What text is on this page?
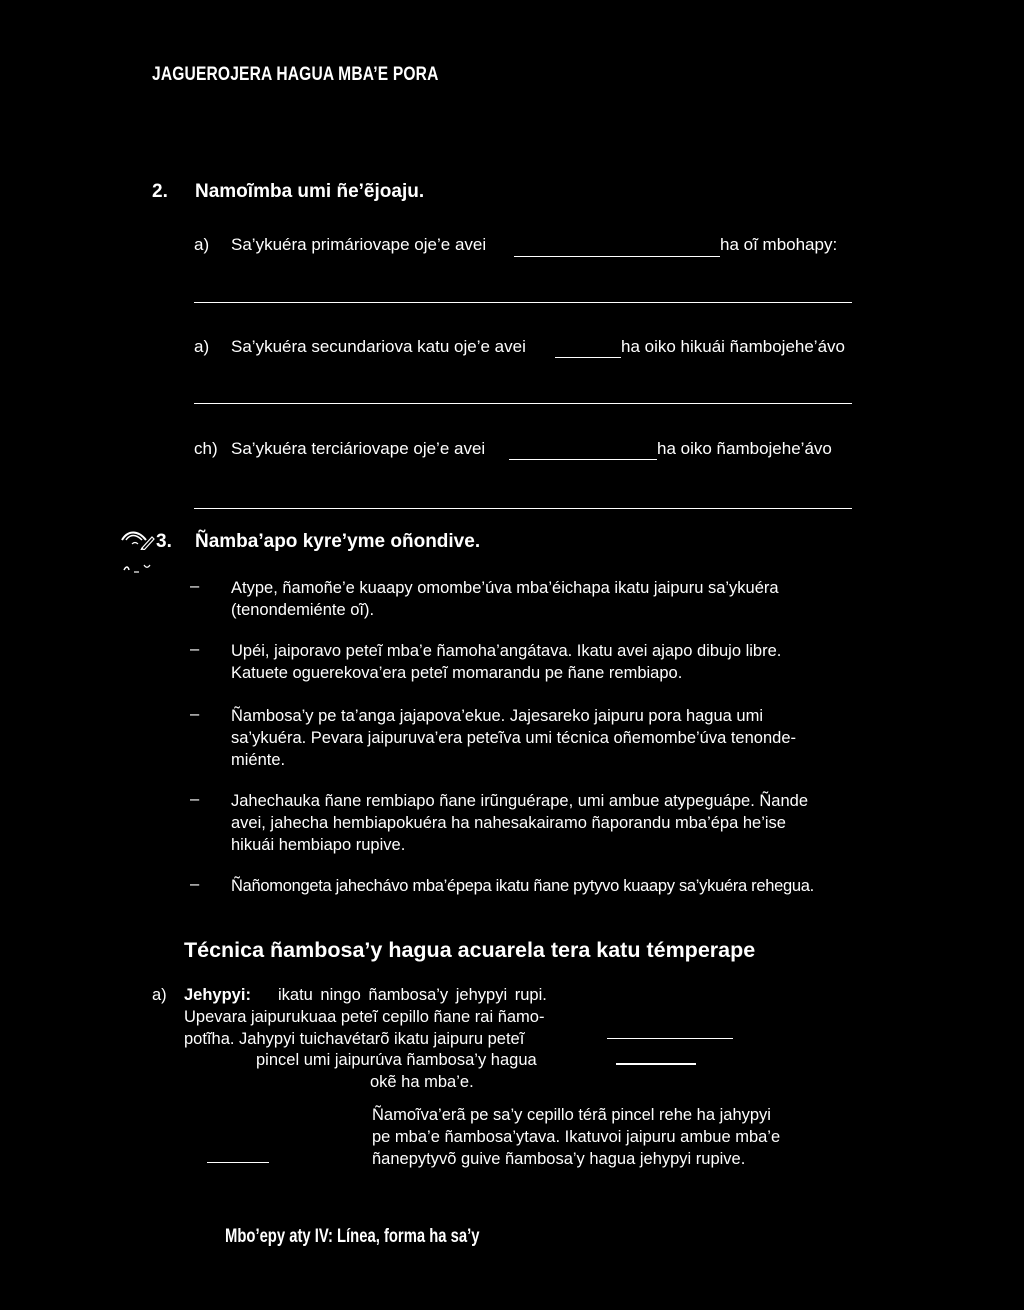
JAGUEROJERA HAGUA MBA’E PORA
2. Namoĩmba umi ñe’ẽjoaju.
a) Sa’ykuéra primáriovape oje’e avei	ha oĩ mbohapy:
a) Sa’ykuéra secundariova katu oje’e avei	ha oiko hikuái ñambojehe’ávo
ch) Sa’ykuéra terciáriovape oje’e avei	ha oiko ñambojehe’ávo
3. Ñamba’apo kyre’yme oñondive.
– Atype, ñamoñe’e kuaapy omombe’úva mba’éichapa ikatu jaipuru sa’ykuéra
(tenondemiénte oĩ).
– Upéi, jaiporavo peteĩ mba’e ñamoha’angátava. Ikatu avei ajapo dibujo libre.
Katuete oguerekova’era peteĩ momarandu pe ñane rembiapo.
– Ñambosa’y pe ta’anga jajapova’ekue. Jajesareko jaipuru pora hagua umi
sa’ykuéra. Pevara jaipuruva’era peteĩva umi técnica oñemombe’úva tenonde-
miénte.
– Jahechauka ñane rembiapo ñane irũnguérape, umi ambue atypeguápe. Ñande
avei, jahecha hembiapokuéra ha nahesakairamo ñaporandu mba’épa he’ise
hikuái hembiapo rupive.
– Ñañomongeta jahechávo mba’épepa ikatu ñane pytyvo kuaapy sa’ykuéra rehegua.
Técnica ñambosa’y hagua acuarela tera katu témperape
a) Jehypyi: ikatu ningo ñambosa’y jehypyi rupi.
Upevara jaipurukuaa peteĩ cepillo ñane rai ñamo-
potĩha. Jahypyi tuichavétarõ ikatu jaipuru peteĩ
pincel umi jaipurúva ñambosa’y hagua
okẽ ha mba’e.
Ñamoĩva’erã pe sa’y cepillo térã pincel rehe ha jahypyi
pe mba’e ñambosa’ytava. Ikatuvoi jaipuru ambue mba’e
ñanepytyvõ guive ñambosa’y hagua jehypyi rupive.
Mbo’epy aty IV: Línea, forma ha sa’y
